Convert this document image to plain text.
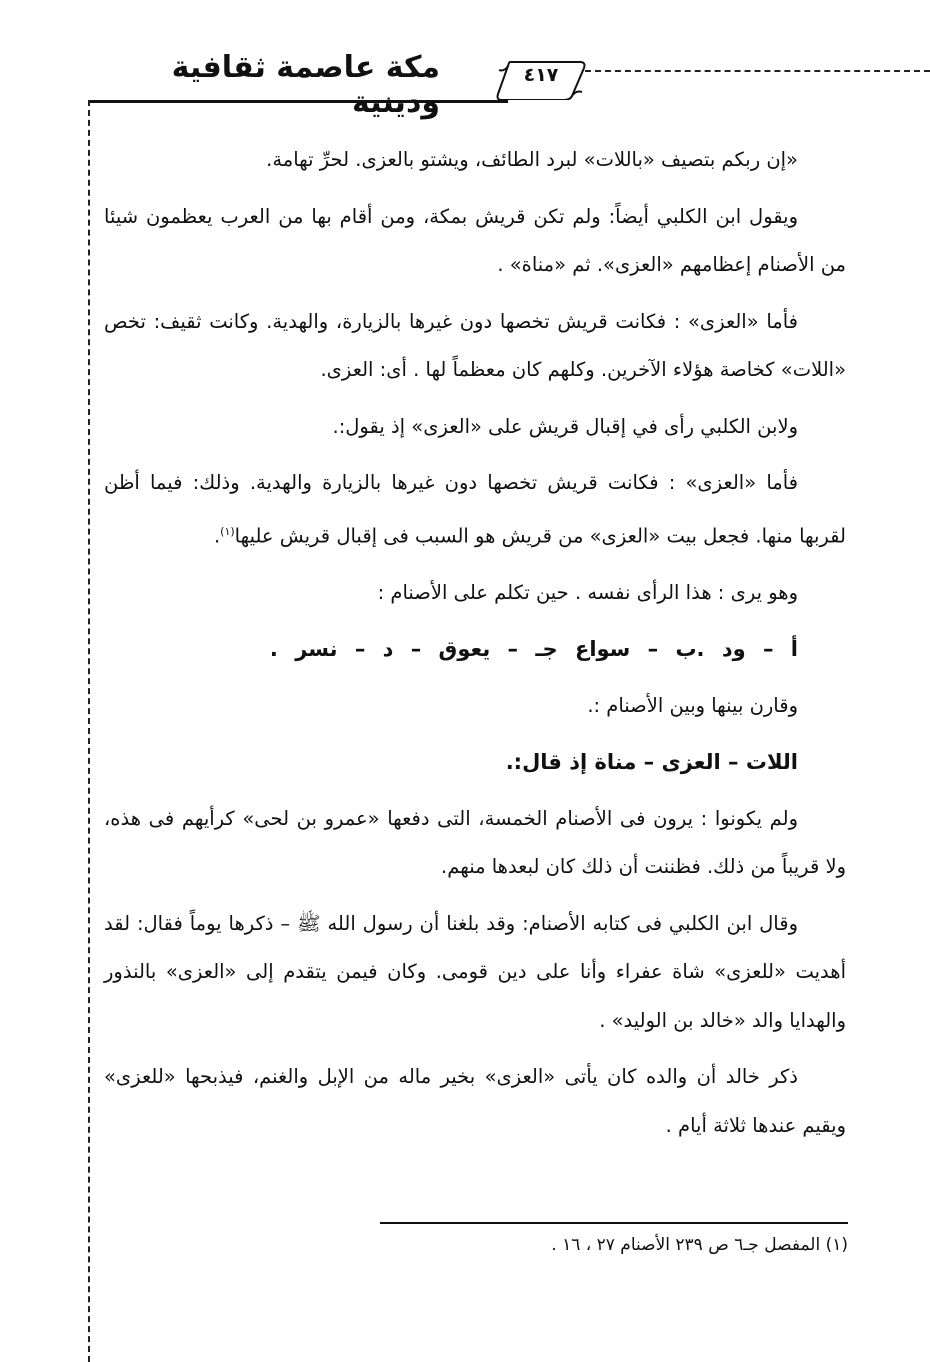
مكة عاصمة ثقافية ودينية
٤١٧

«إن ربكم بتصيف «باللات» لبرد الطائف، ويشتو بالعزى. لحرِّ تهامة.

ويقول ابن الكلبي أيضاً: ولم تكن قريش بمكة، ومن أقام بها من العرب يعظمون شيئا من الأصنام إعظامهم «العزى». ثم «مناة» .

فأما «العزى» : فكانت قريش تخصها دون غيرها بالزيارة، والهدية. وكانت ثقيف: تخص «اللات» كخاصة هؤلاء الآخرين. وكلهم كان معظماً لها . أى: العزى.

ولابن الكلبي رأى في إقبال قريش على «العزى» إذ يقول:.

فأما «العزى» : فكانت قريش تخصها دون غيرها بالزيارة والهدية. وذلك: فيما أظن لقربها منها. فجعل بيت «العزى» من قريش هو السبب فى إقبال قريش عليها$^{(١)}$.

وهو يرى : هذا الرأى نفسه . حين تكلم على الأصنام :

أ – ود .ب – سواع جـ – يعوق – د – نسر .

وقارن بينها وبين الأصنام :.

اللات – العزى – مناة إذ قال:.

ولم يكونوا : يرون فى الأصنام الخمسة، التى دفعها «عمرو بن لحى» كرأيهم فى هذه، ولا قريباً من ذلك. فظننت أن ذلك كان لبعدها منهم.

وقال ابن الكلبي فى كتابه الأصنام: وقد بلغنا أن رسول الله ﷺ – ذكرها يوماً فقال: لقد أهديت «للعزى» شاة عفراء وأنا على دين قومى. وكان فيمن يتقدم إلى «العزى» بالنذور والهدايا والد «خالد بن الوليد» .

ذكر خالد أن والده كان يأتى «العزى» بخير ماله من الإبل والغنم، فيذبحها «للعزى» ويقيم عندها ثلاثة أيام .

(١) المفصل جـ٦ ص ٢٣٩ الأصنام ٢٧ ، ١٦ .
